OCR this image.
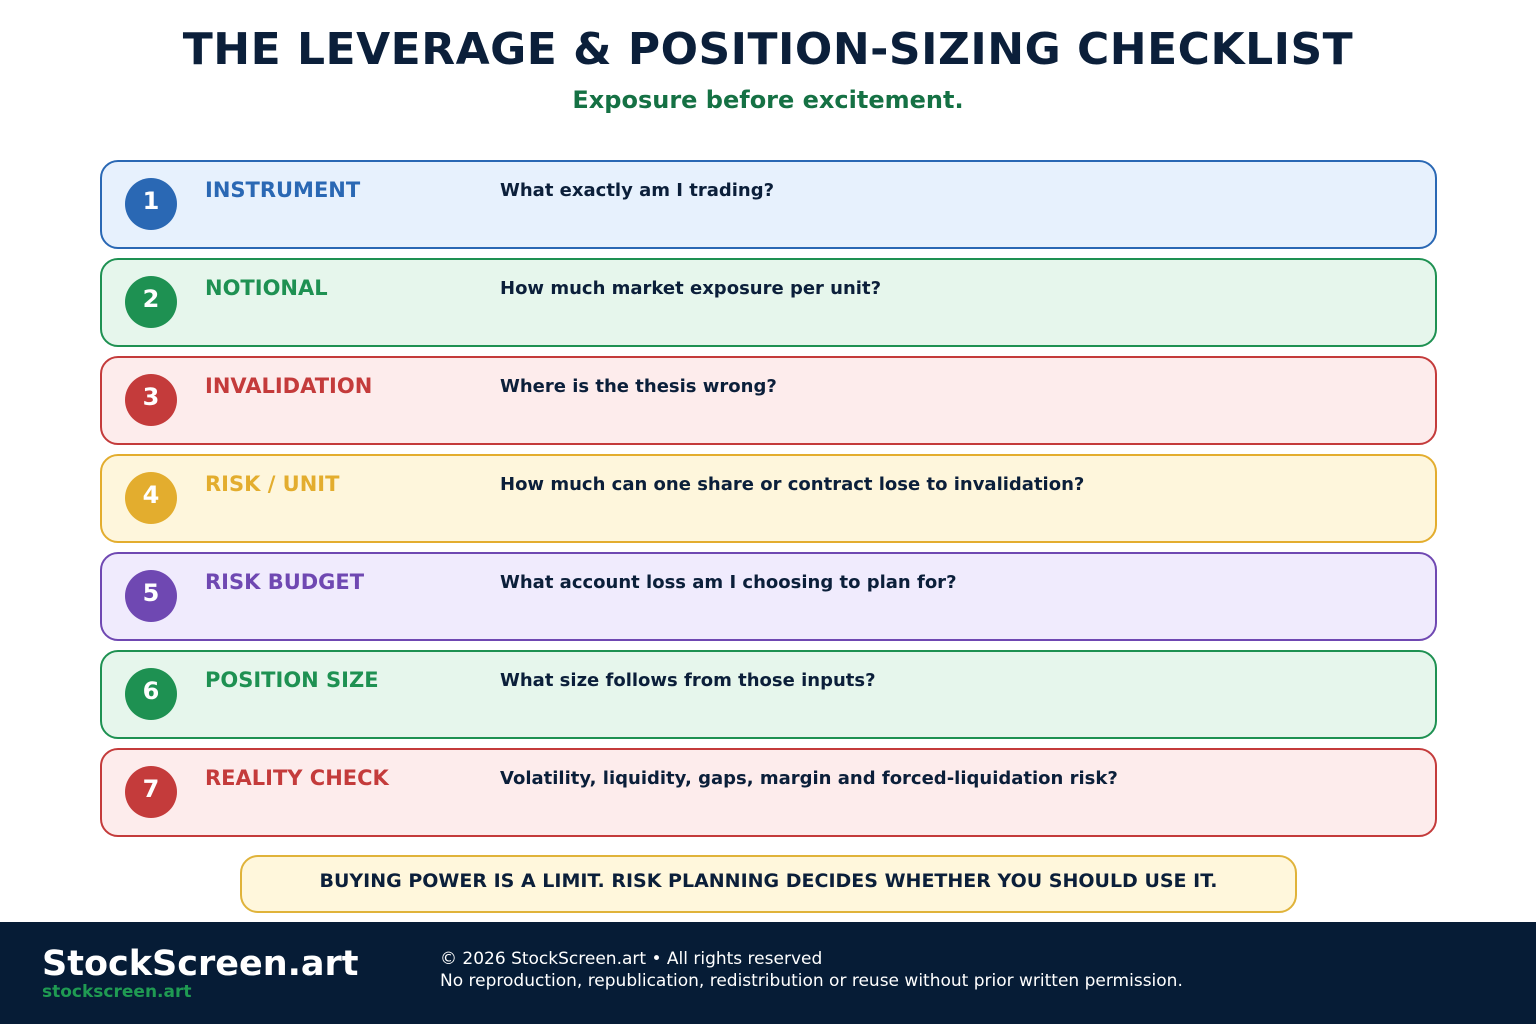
THE LEVERAGE & POSITION-SIZING CHECKLIST
Exposure before excitement.
1	INSTRUMENT	What exactly am I trading?
2	NOTIONAL	How much market exposure per unit?
3	INVALIDATION	Where is the thesis wrong?
4	RISK / UNIT	How much can one share or contract lose to invalidation?
5	RISK BUDGET	What account loss am I choosing to plan for?
6	POSITION SIZE	What size follows from those inputs?
7	REALITY CHECK	Volatility, liquidity, gaps, margin and forced-liquidation risk?
BUYING POWER IS A LIMIT. RISK PLANNING DECIDES WHETHER YOU SHOULD USE IT.
StockScreen.art
stockscreen.art
© 2026 StockScreen.art • All rights reserved
No reproduction, republication, redistribution or reuse without prior written permission.
